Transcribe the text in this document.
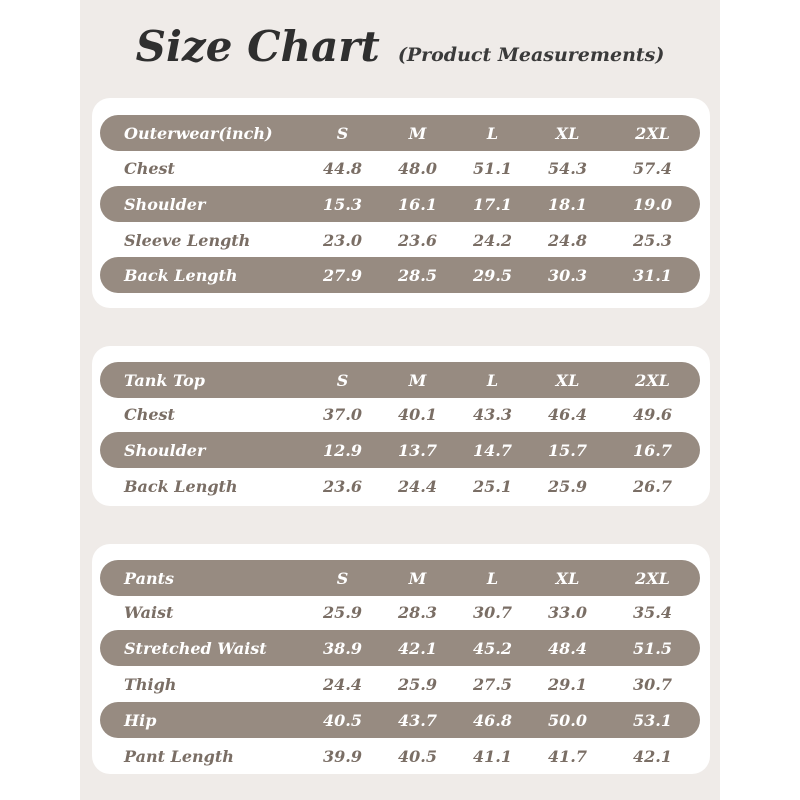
Size Chart (Product Measurements)
Outerwear(inch)	S	M	L	XL	2XL
Chest	44.8	48.0	51.1	54.3	57.4
Shoulder	15.3	16.1	17.1	18.1	19.0
Sleeve Length	23.0	23.6	24.2	24.8	25.3
Back Length	27.9	28.5	29.5	30.3	31.1
Tank Top	S	M	L	XL	2XL
Chest	37.0	40.1	43.3	46.4	49.6
Shoulder	12.9	13.7	14.7	15.7	16.7
Back Length	23.6	24.4	25.1	25.9	26.7
Pants	S	M	L	XL	2XL
Waist	25.9	28.3	30.7	33.0	35.4
Stretched Waist	38.9	42.1	45.2	48.4	51.5
Thigh	24.4	25.9	27.5	29.1	30.7
Hip	40.5	43.7	46.8	50.0	53.1
Pant Length	39.9	40.5	41.1	41.7	42.1
